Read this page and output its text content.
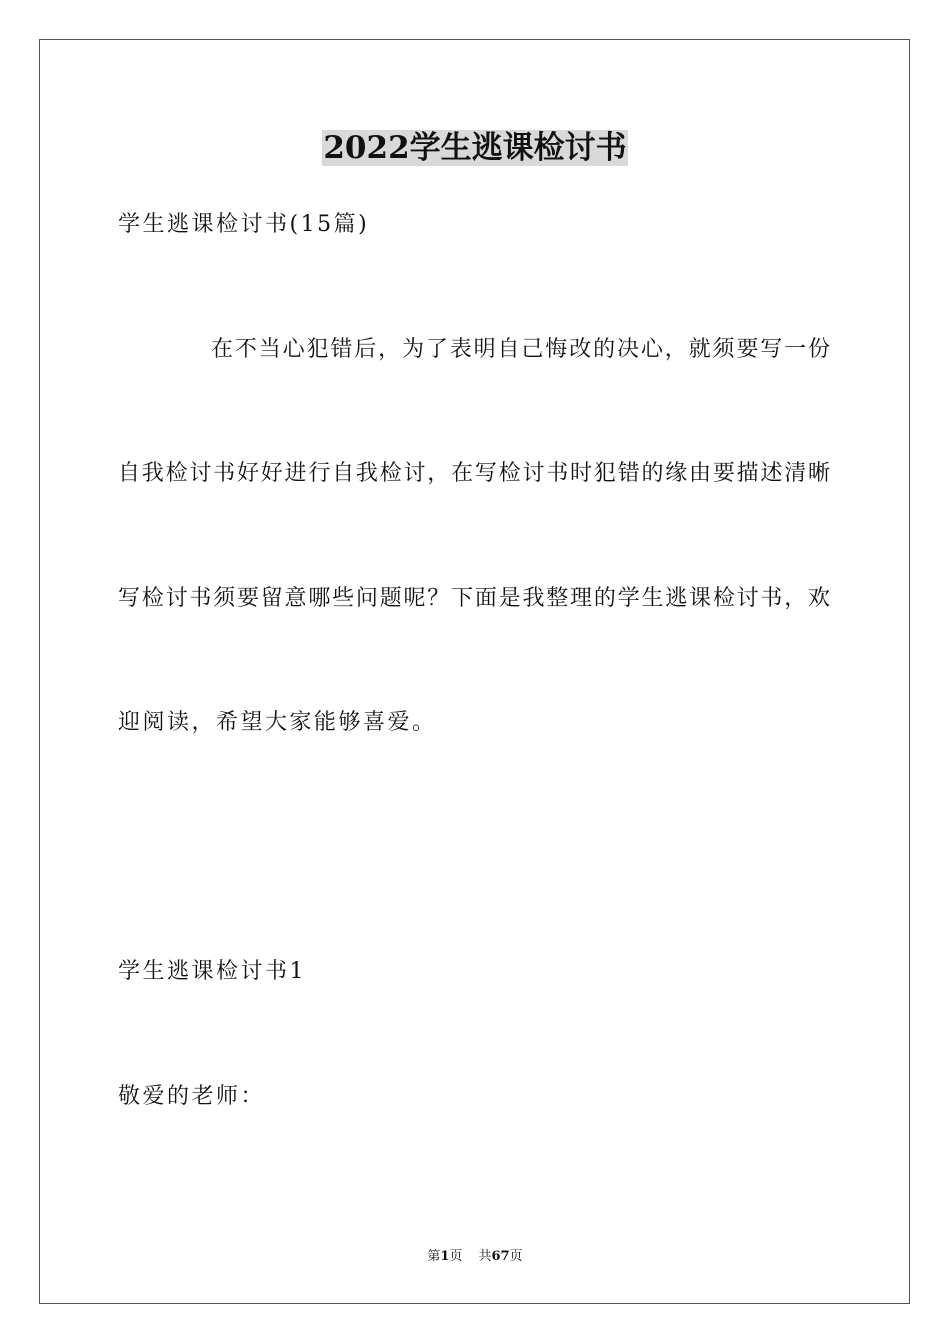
2022学生逃课检讨书
学生逃课检讨书(15篇)
在不当心犯错后，为了表明自己悔改的决心，就须要写一份
自我检讨书好好进行自我检讨，在写检讨书时犯错的缘由要描述清晰
写检讨书须要留意哪些问题呢？下面是我整理的学生逃课检讨书，欢
迎阅读，希望大家能够喜爱。
学生逃课检讨书1
敬爱的老师：
第1页 共67页
